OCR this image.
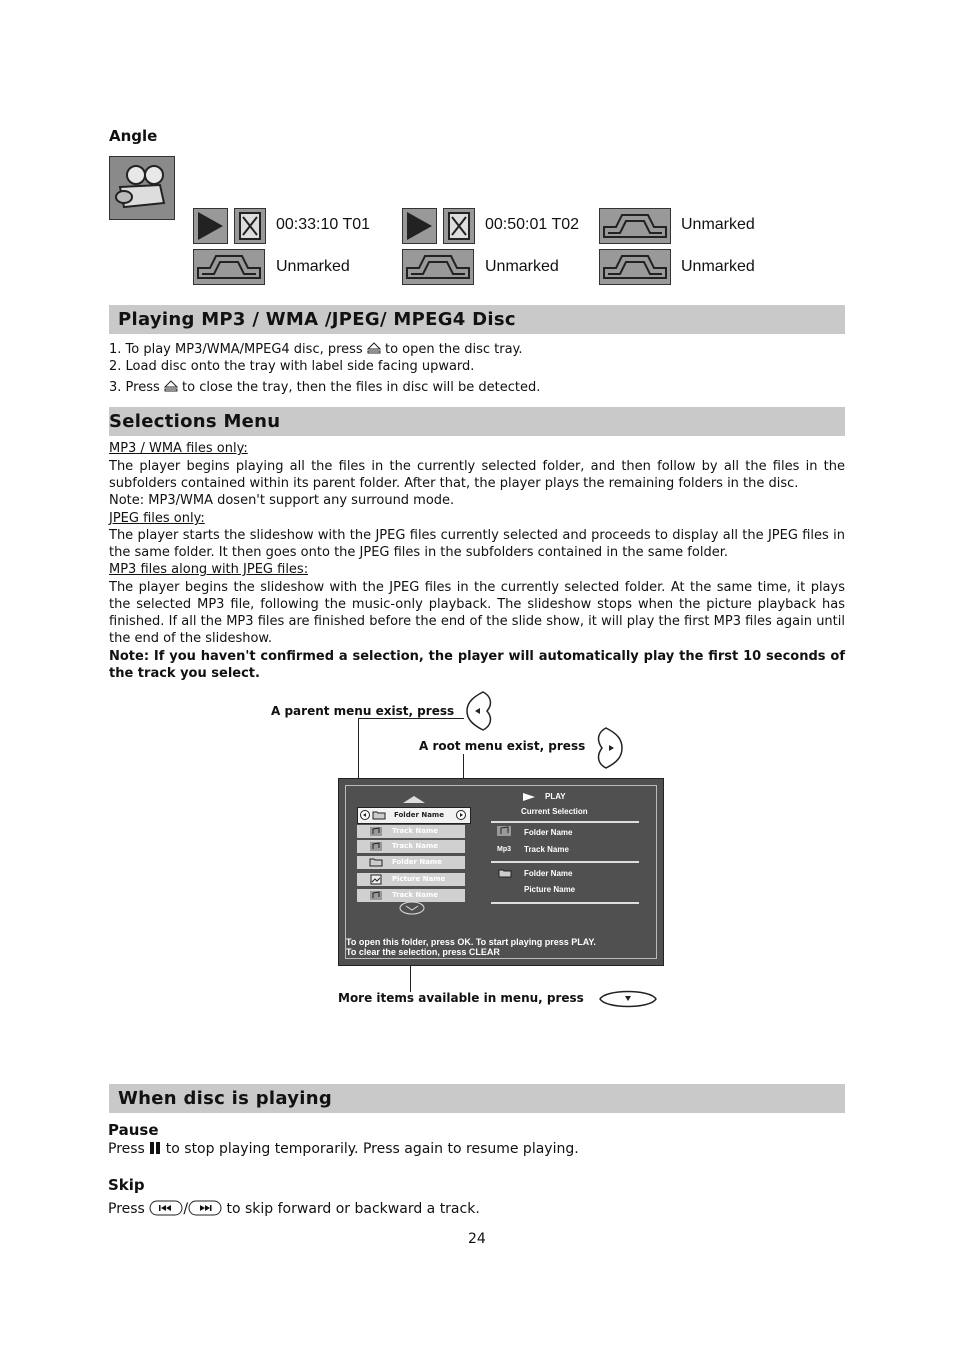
Angle
00:33:10 T01	00:50:01 T02	Unmarked
Unmarked	Unmarked	Unmarked
Playing MP3 / WMA /JPEG/ MPEG4 Disc
1. To play MP3/WMA/MPEG4 disc, press to open the disc tray.
2. Load disc onto the tray with label side facing upward.
3. Press to close the tray, then the files in disc will be detected.
Selections Menu
MP3 / WMA files only:
The player begins playing all the files in the currently selected folder, and then follow by all the files in the subfolders contained within its parent folder. After that, the player plays the remaining folders in the disc.
Note: MP3/WMA dosen't support any surround mode.
JPEG files only:
The player starts the slideshow with the JPEG files currently selected and proceeds to display all the JPEG files in the same folder. It then goes onto the JPEG files in the subfolders contained in the same folder.
MP3 files along with JPEG files:
The player begins the slideshow with the JPEG files in the currently selected folder. At the same time, it plays the selected MP3 file, following the music-only playback. The slideshow stops when the picture playback has finished. If all the MP3 files are finished before the end of the slide show, it will play the first MP3 files again until the end of the slideshow.
Note: If you haven't confirmed a selection, the player will automatically play the first 10 seconds of the track you select.
A parent menu exist, press
A root menu exist, press
Folder Name
Track Name
Track Name
Folder Name
Picture Name
Track Name
PLAY
Current Selection
Folder Name
Mp3 Track Name
Folder Name
Picture Name
To open this folder, press OK. To start playing press PLAY.
To clear the selection, press CLEAR
More items available in menu, press
When disc is playing
Pause
Press to stop playing temporarily. Press again to resume playing.
Skip
Press	/	to skip forward or backward a track.
24
